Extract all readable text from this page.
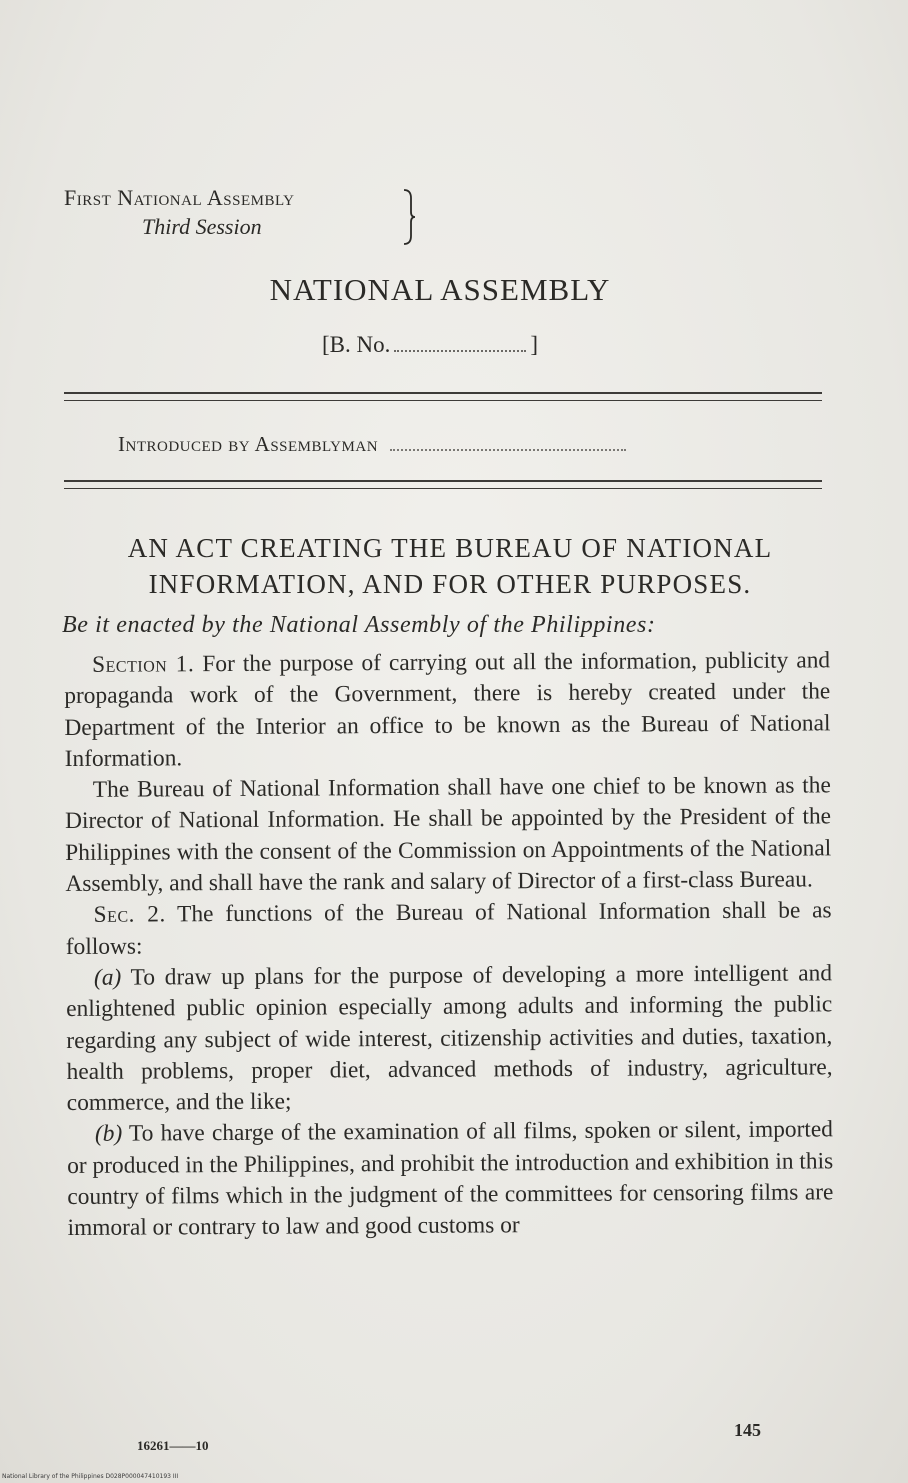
First National Assembly
Third Session
NATIONAL ASSEMBLY
[B. No.	]
Introduced by Assemblyman
AN ACT CREATING THE BUREAU OF NATIONAL
INFORMATION, AND FOR OTHER PURPOSES.
Be it enacted by the National Assembly of the Philippines:

Section 1. For the purpose of carrying out all the information, publicity and propaganda work of the Government, there is hereby created under the Department of the Interior an office to be known as the Bureau of National Information.

The Bureau of National Information shall have one chief to be known as the Director of National Information. He shall be appointed by the President of the Philippines with the consent of the Commission on Appointments of the National Assembly, and shall have the rank and salary of Director of a first-class Bureau.

Sec. 2. The functions of the Bureau of National Information shall be as follows:

(a) To draw up plans for the purpose of developing a more intelligent and enlightened public opinion especially among adults and informing the public regarding any subject of wide interest, citizenship activities and duties, taxation, health problems, proper diet, advanced methods of industry, agriculture, commerce, and the like;

(b) To have charge of the examination of all films, spoken or silent, imported or produced in the Philippines, and prohibit the introduction and exhibition in this country of films which in the judgment of the committees for censoring films are immoral or contrary to law and good customs or

145
16261——10
National Library of the Philippines D028P000047410193 III
